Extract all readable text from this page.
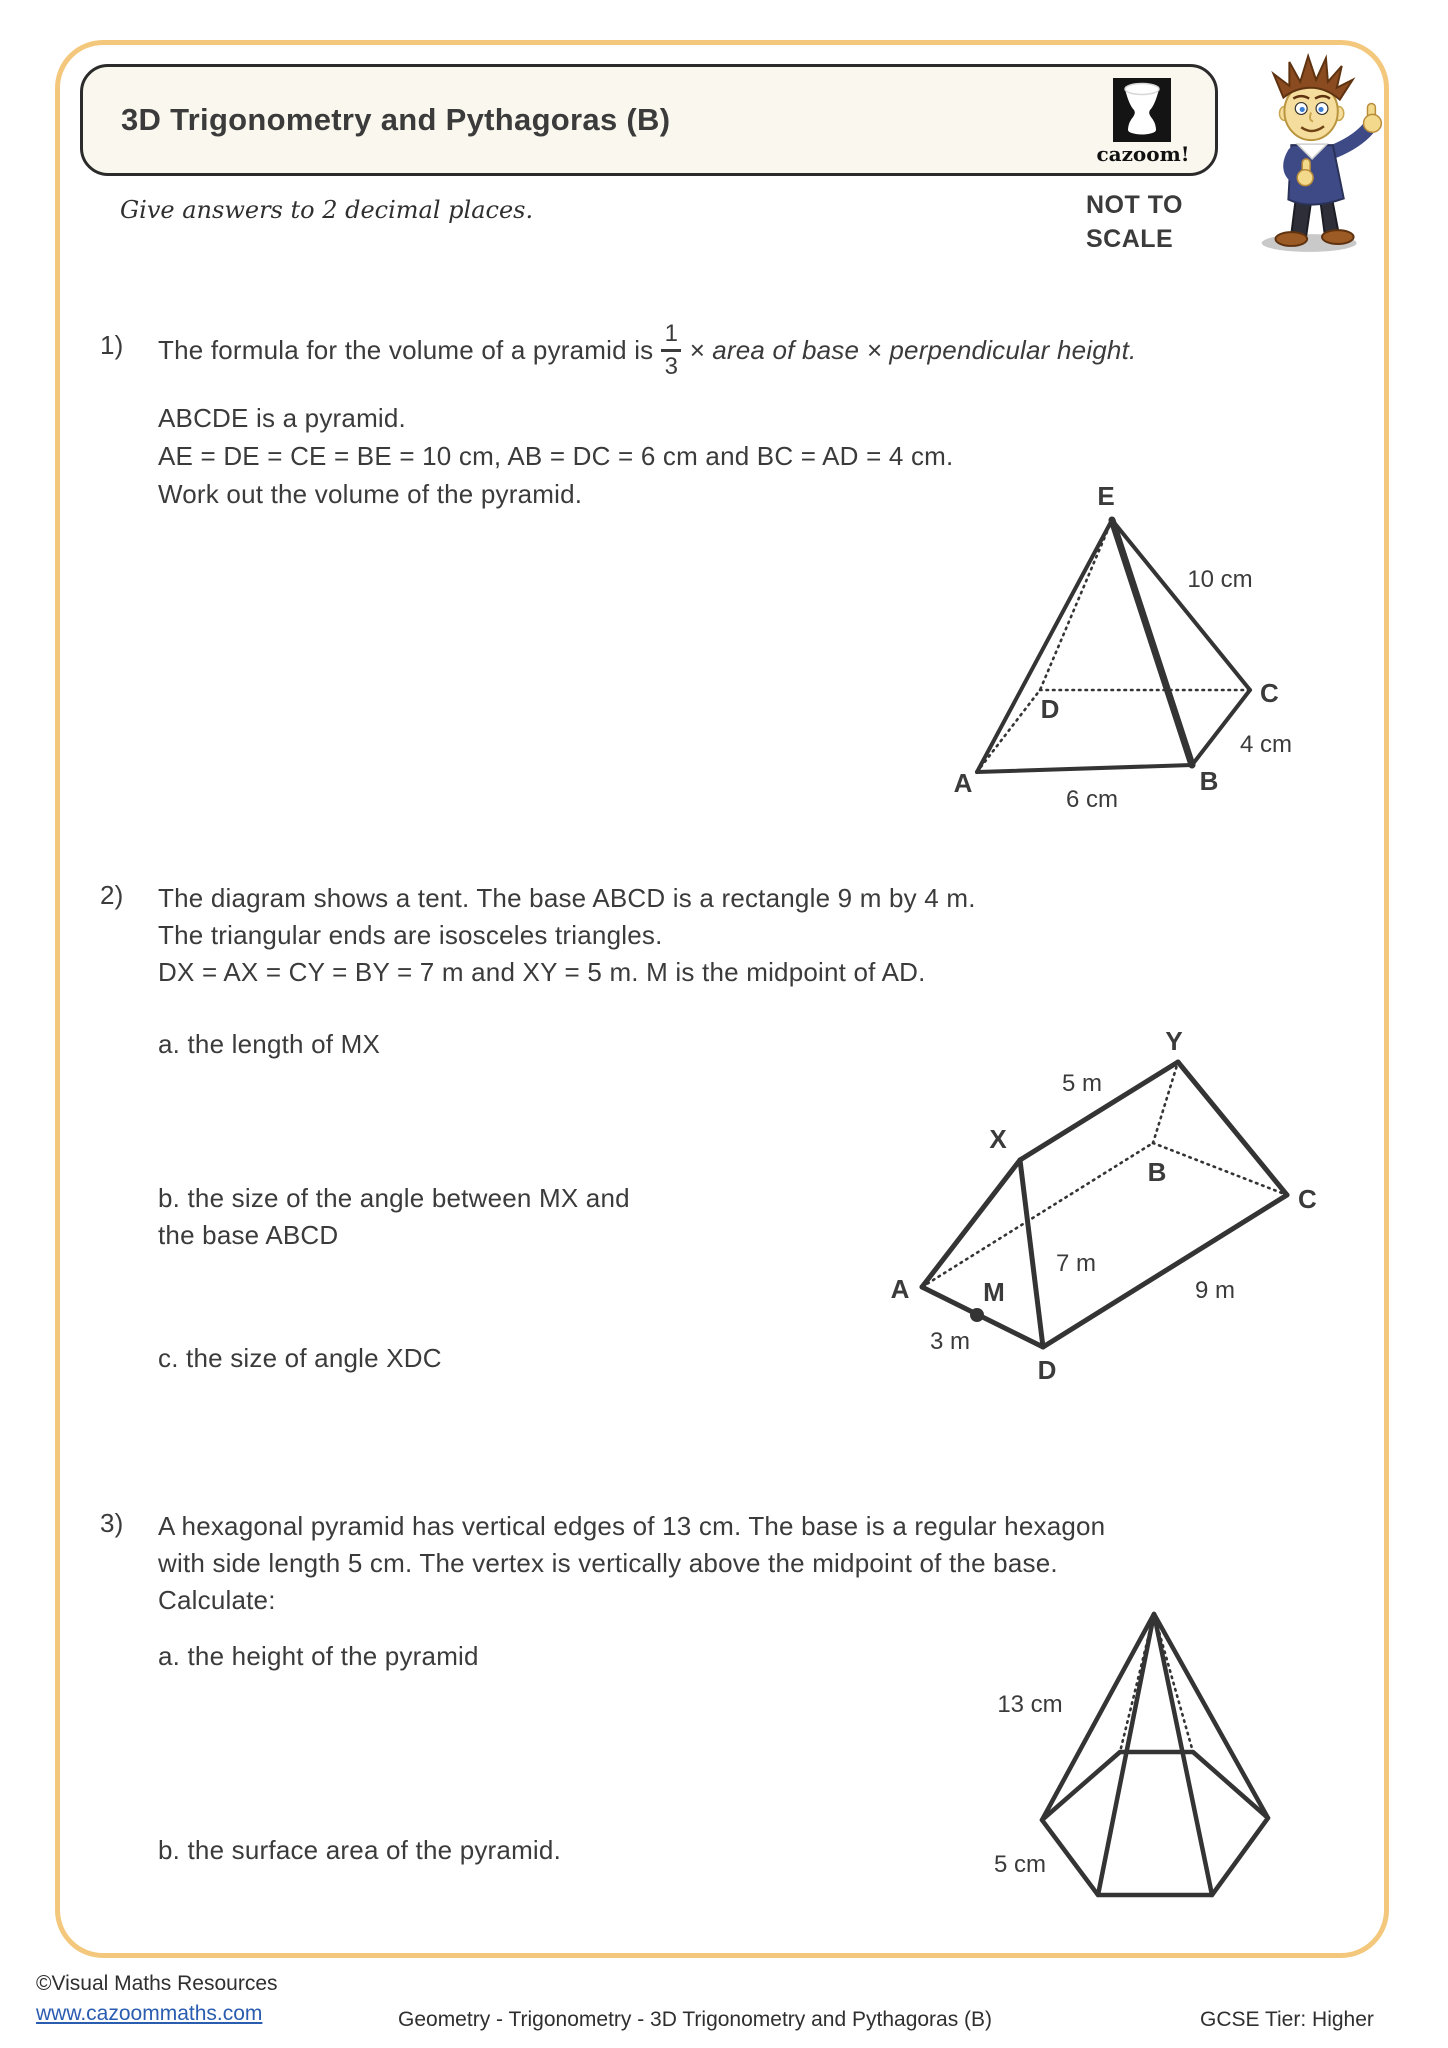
3D Trigonometry and Pythagoras (B)
cazoom!
Give answers to 2 decimal places.	NOT TO
SCALE
1) The formula for the volume of a pyramid is $\frac{1}{3}$ × area of base × perpendicular height.
ABCDE is a pyramid.
AE = DE = CE = BE = 10 cm, AB = DC = 6 cm and BC = AD = 4 cm.
Work out the volume of the pyramid.	E
A	B
C
D
10 cm
4 cm
6 cm
2) The diagram shows a tent. The base ABCD is a rectangle 9 m by 4 m.
The triangular ends are isosceles triangles.
DX = AX = CY = BY = 7 m and XY = 5 m. M is the midpoint of AD.
a. the length of MX
b. the size of the angle between MX and
the base ABCD
c. the size of angle XDC
Y
X
A	M
D
B
C
5 m
7 m
9 m
3 m
3) A hexagonal pyramid has vertical edges of 13 cm. The base is a regular hexagon
with side length 5 cm. The vertex is vertically above the midpoint of the base.
Calculate:
a. the height of the pyramid
b. the surface area of the pyramid.
13 cm
5 cm
©Visual Maths Resources
www.cazoommaths.com	Geometry - Trigonometry - 3D Trigonometry and Pythagoras (B)	GCSE Tier: Higher
